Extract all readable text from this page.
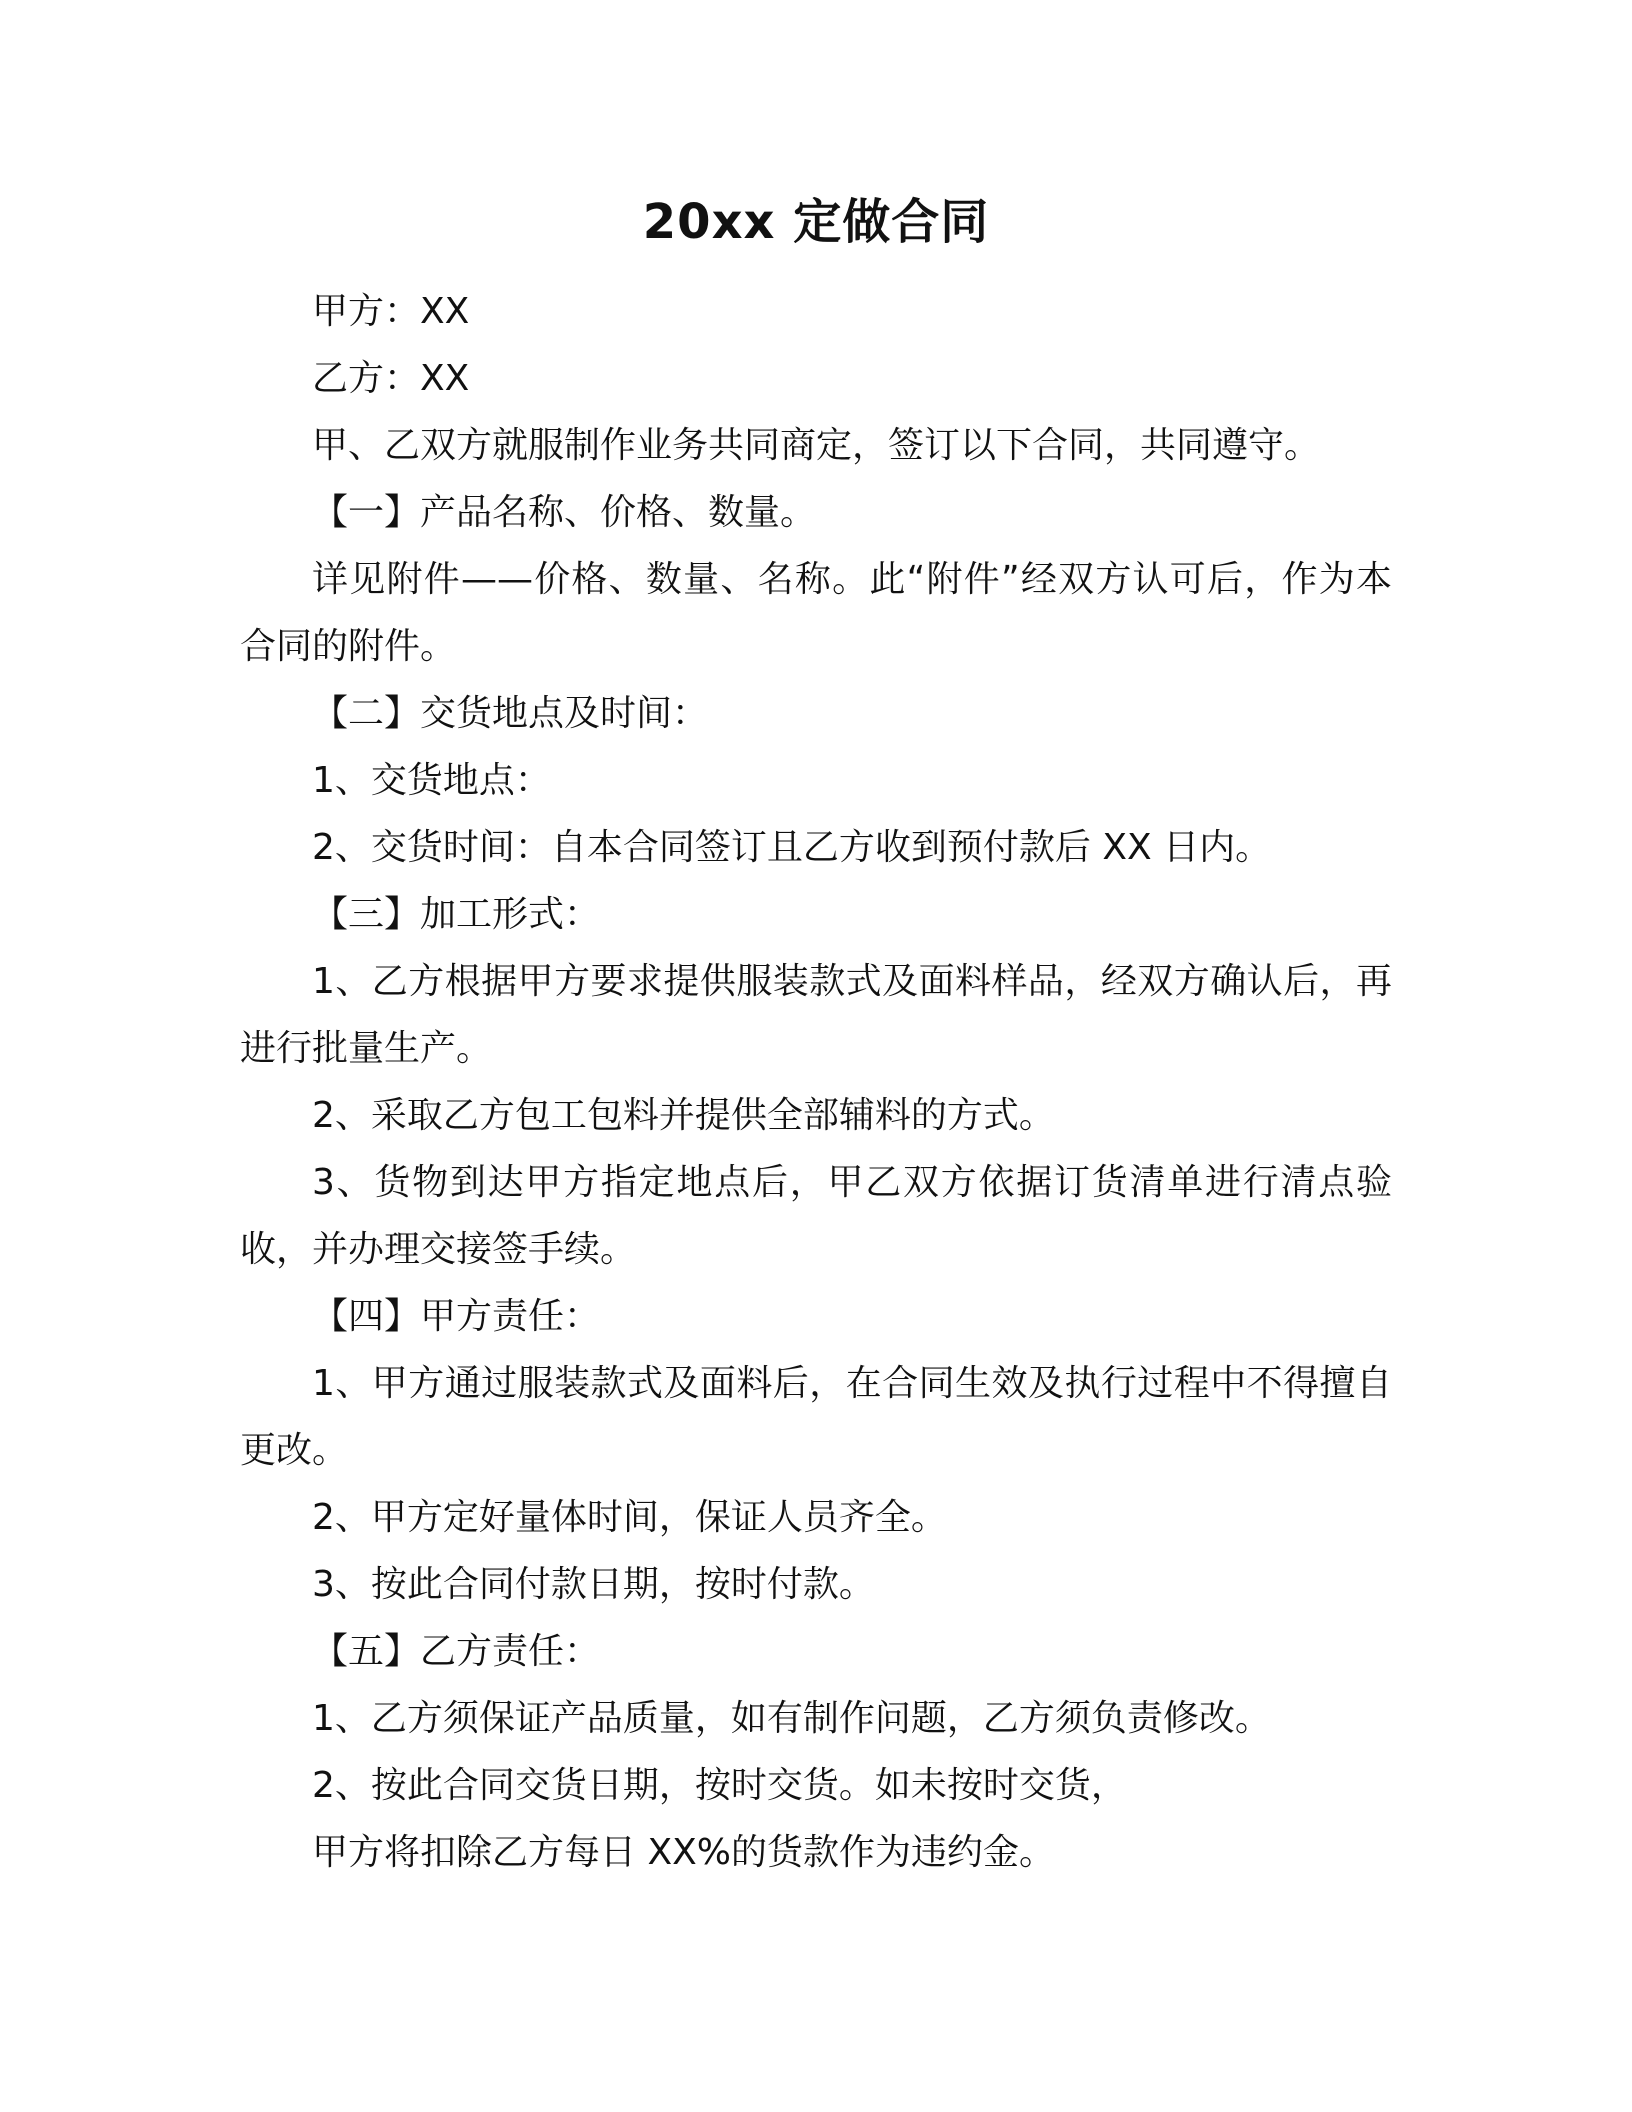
20xx 定做合同

甲方：XX

乙方：XX

甲、乙双方就服制作业务共同商定，签订以下合同，共同遵守。

【一】产品名称、价格、数量。

详见附件——价格、数量、名称。此“附件”经双方认可后，作为本合同的附件。

【二】交货地点及时间：

1、交货地点：

2、交货时间：自本合同签订且乙方收到预付款后 XX 日内。

【三】加工形式：

1、乙方根据甲方要求提供服装款式及面料样品，经双方确认后，再进行批量生产。

2、采取乙方包工包料并提供全部辅料的方式。

3、货物到达甲方指定地点后，甲乙双方依据订货清单进行清点验收，并办理交接签手续。

【四】甲方责任：

1、甲方通过服装款式及面料后，在合同生效及执行过程中不得擅自更改。

2、甲方定好量体时间，保证人员齐全。

3、按此合同付款日期，按时付款。

【五】乙方责任：

1、乙方须保证产品质量，如有制作问题，乙方须负责修改。

2、按此合同交货日期，按时交货。如未按时交货，

甲方将扣除乙方每日 XX%的货款作为违约金。
